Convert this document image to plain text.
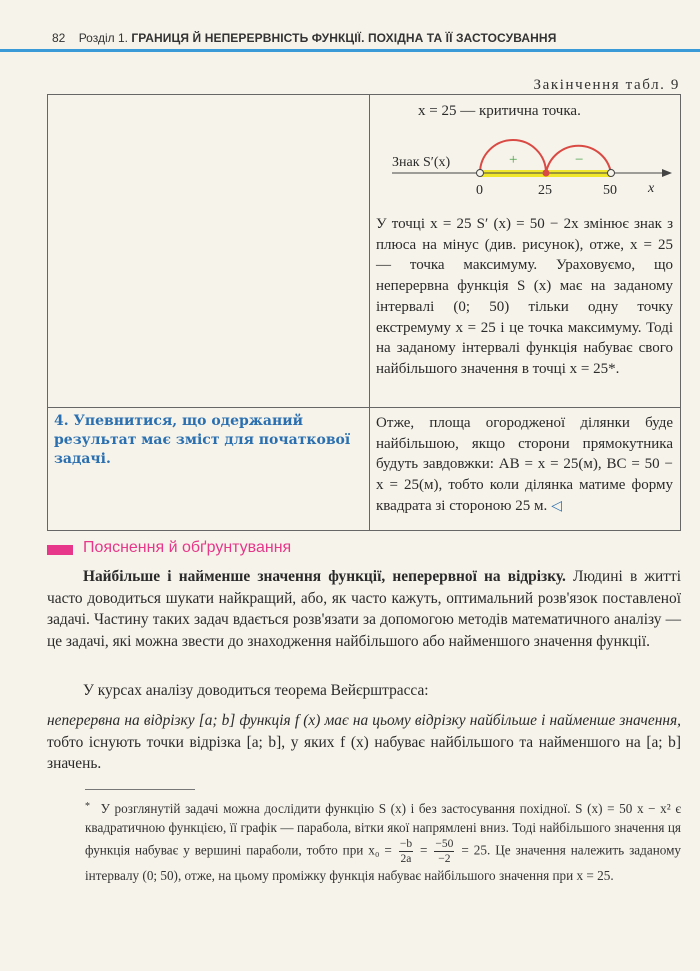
82 Розділ 1. ГРАНИЦЯ Й НЕПЕРЕРВНІСТЬ ФУНКЦІЇ. ПОХІДНА ТА ЇЇ ЗАСТОСУВАННЯ
Закінчення табл. 9
x = 25 — критична точка.
Знак S′(x)	+	−
0	25	50 x
У точці x = 25 S′ (x) = 50 − 2x змінює знак з плюса на мінус (див. рисунок), отже, x = 25 — точка максимуму. Ураховуємо, що неперервна функція S (x) має на заданому інтервалі (0; 50) тільки одну точку екстремуму x = 25 і це точка максимуму. Тоді на заданому інтервалі функція набуває свого найбільшого значення в точці x = 25*.
4. Упевнитися, що одержаний результат має зміст для початкової задачі.
Отже, площа огородженої ділянки буде найбільшою, якщо сторони прямокутника будуть завдовжки: AB = x = 25(м), BC = 50 − x = 25(м), тобто коли ділянка матиме форму квадрата зі стороною 25 м. ◁
Пояснення й обґрунтування
Найбільше і найменше значення функції, неперервної на відрізку. Людині в житті часто доводиться шукати найкращий, або, як часто кажуть, оптимальний розв'язок поставленої задачі. Частину таких задач вдається розв'язати за допомогою методів математичного аналізу — це задачі, які можна звести до знаходження найбільшого або найменшого значення функції.
У курсах аналізу доводиться теорема Вейєрштрасса:
неперервна на відрізку [a; b] функція f (x) має на цьому відрізку найбільше і найменше значення, тобто існують точки відрізка [a; b], у яких f (x) набуває найбільшого та найменшого на [a; b] значень.
* У розглянутій задачі можна дослідити функцію S (x) і без застосування похідної. S (x) = 50 x − x² є квадратичною функцією, її графік — парабола, вітки якої напрямлені вниз. Тоді найбільшого значення ця функція набуває у вершині параболи, тобто при $x_0 = \frac{-b}{2a} = \frac{-50}{-2} = 25$. Це значення належить заданому інтервалу (0; 50), отже, на цьому проміжку функція набуває найбільшого значення при x = 25.
